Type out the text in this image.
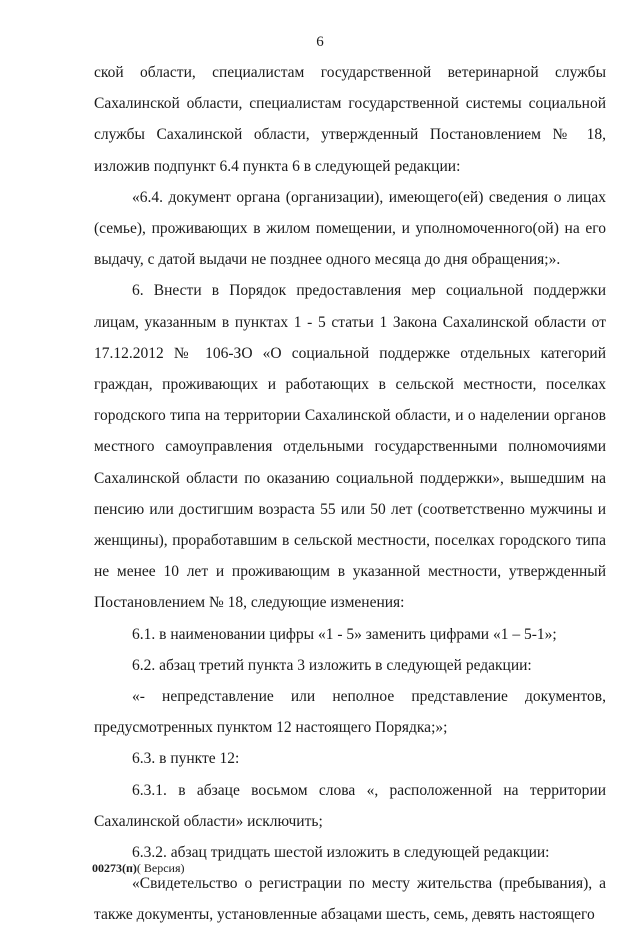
6

ской области, специалистам государственной ветеринарной службы Сахалинской области, специалистам государственной системы социальной службы Сахалинской области, утвержденный Постановлением № 18, изложив подпункт 6.4 пункта 6 в следующей редакции:

«6.4. документ органа (организации), имеющего(ей) сведения о лицах (семье), проживающих в жилом помещении, и уполномоченного(ой) на его выдачу, с датой выдачи не позднее одного месяца до дня обращения;».

6. Внести в Порядок предоставления мер социальной поддержки лицам, указанным в пунктах 1 - 5 статьи 1 Закона Сахалинской области от 17.12.2012 № 106-ЗО «О социальной поддержке отдельных категорий граждан, проживающих и работающих в сельской местности, поселках городского типа на территории Сахалинской области, и о наделении органов местного самоуправления отдельными государственными полномочиями Сахалинской области по оказанию социальной поддержки», вышедшим на пенсию или достигшим возраста 55 или 50 лет (соответственно мужчины и женщины), проработавшим в сельской местности, поселках городского типа не менее 10 лет и проживающим в указанной местности, утвержденный Постановлением № 18, следующие изменения:

6.1. в наименовании цифры «1 - 5» заменить цифрами «1 – 5-1»;

6.2. абзац третий пункта 3 изложить в следующей редакции:

«- непредставление или неполное представление документов, предусмотренных пунктом 12 настоящего Порядка;»;

6.3. в пункте 12:

6.3.1. в абзаце восьмом слова «, расположенной на территории Сахалинской области» исключить;

6.3.2. абзац тридцать шестой изложить в следующей редакции:

«Свидетельство о регистрации по месту жительства (пребывания), а также документы, установленные абзацами шесть, семь, девять настоящего

00273(п)( Версия)
